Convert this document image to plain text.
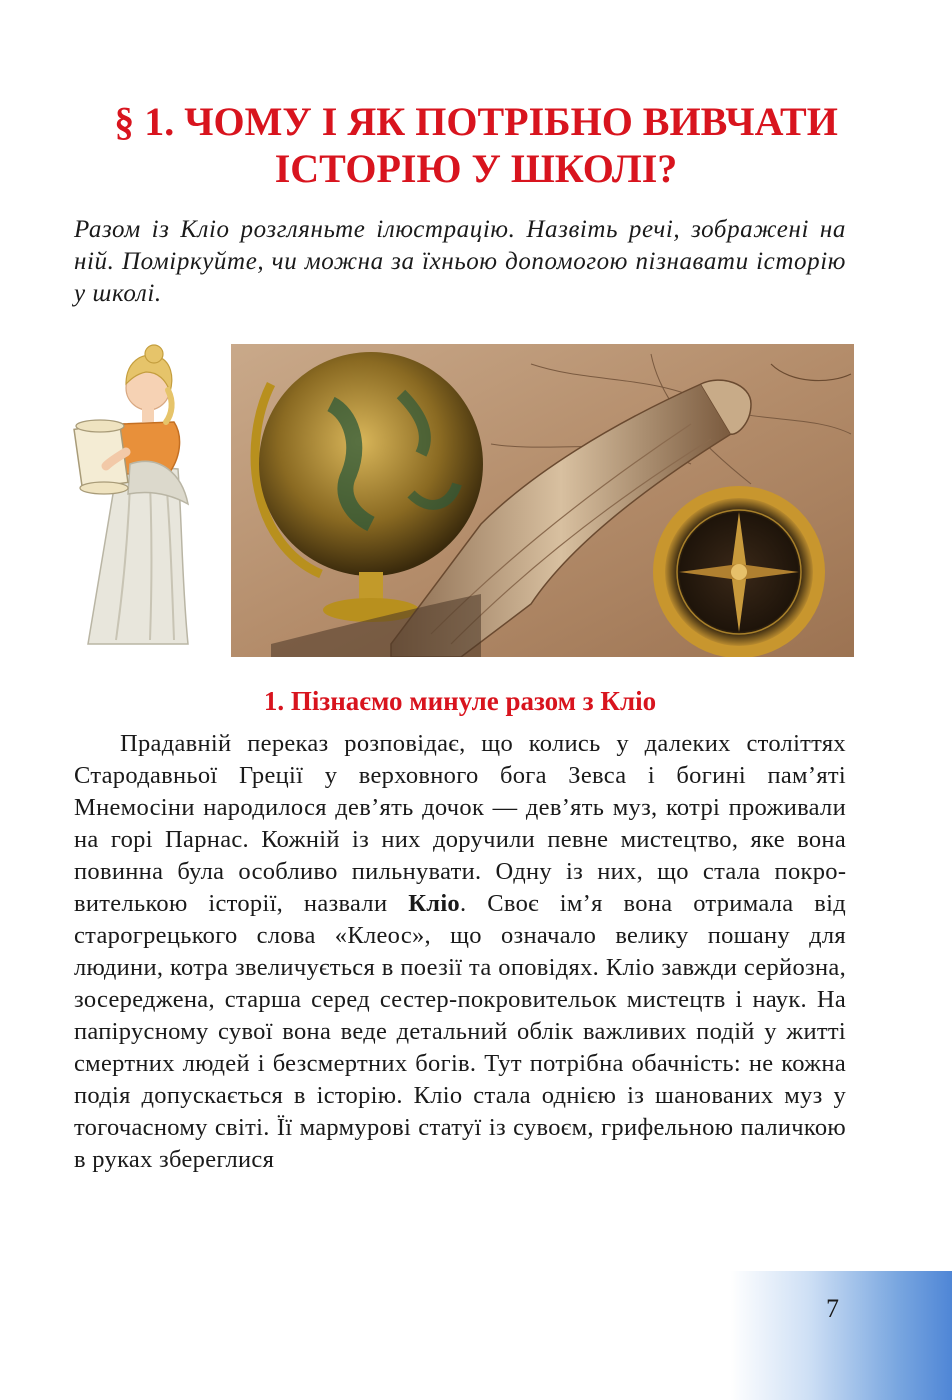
§ 1. ЧОМУ І ЯК ПОТРІБНО ВИВЧАТИ
ІСТОРІЮ У ШКОЛІ?
Разом із Кліо розгляньте ілюстрацію. Назвіть речі, зображені на ній. Поміркуйте, чи можна за їхньою допомогою пізнавати історію у школі.
1. Пізнаємо минуле разом з Кліо

Прадавній переказ розповідає, що колись у далеких століттях Стародавньої Греції у верховного бога Зевса і богині пам’яті Мнемосіни народилося дев’ять дочок — дев’ять муз, котрі проживали на горі Парнас. Кожній із них доручили певне мистецтво, яке вона повинна була особливо пильнувати. Одну із них, що стала покровителькою історії, назвали Кліо. Своє ім’я вона отримала від старогрецького слова «Клеос», що означало велику пошану для людини, котра звеличується в поезії та оповідях. Кліо завжди серйозна, зосереджена, старша серед сестер-покровительок мистецтв і наук. На папірусному сувої вона веде детальний облік важливих подій у житті смертних людей і безсмертних богів. Тут потрібна обачність: не кожна подія допускається в історію. Кліо стала однією із шанованих муз у тогочасному світі. Її мармурові статуї із сувоєм, грифельною паличкою в руках збереглися

7
